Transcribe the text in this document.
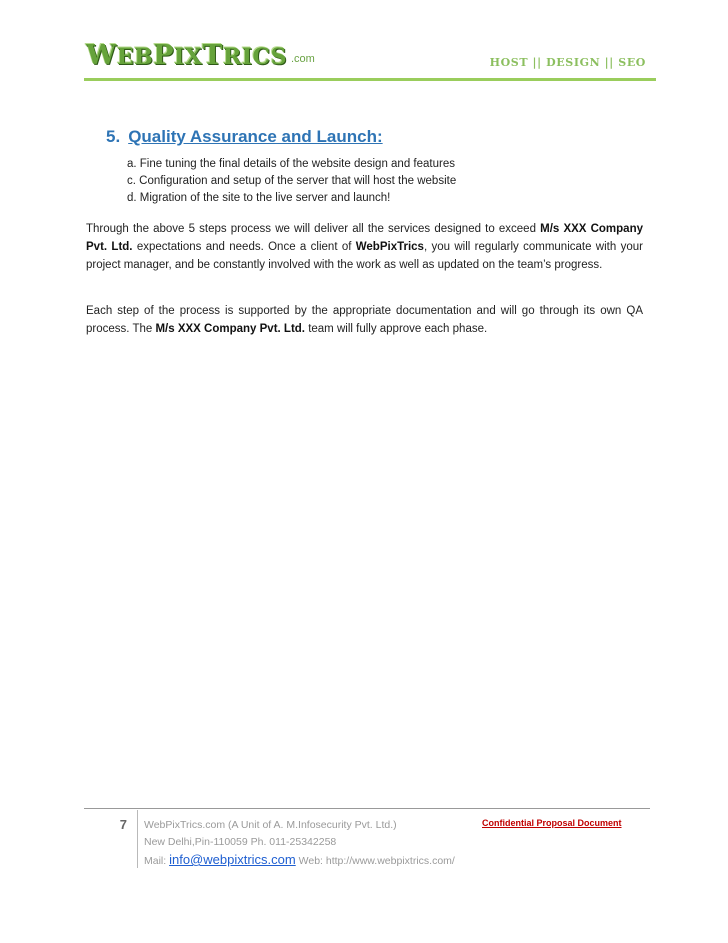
WEBPIXTRICS .com	HOST || DESIGN || SEO
5. Quality Assurance and Launch:
a. Fine tuning the final details of the website design and features
c. Configuration and setup of the server that will host the website
d. Migration of the site to the live server and launch!

Through the above 5 steps process we will deliver all the services designed to exceed M/s XXX Company Pvt. Ltd. expectations and needs. Once a client of WebPixTrics, you will regularly communicate with your project manager, and be constantly involved with the work as well as updated on the team’s progress.

Each step of the process is supported by the appropriate documentation and will go through its own QA process. The M/s XXX Company Pvt. Ltd. team will fully approve each phase.

7 WebPixTrics.com (A Unit of A. M.Infosecurity Pvt. Ltd.)
New Delhi,Pin-110059 Ph. 011-25342258
Mail: info@webpixtrics.com Web: http://www.webpixtrics.com/
Confidential Proposal Document
